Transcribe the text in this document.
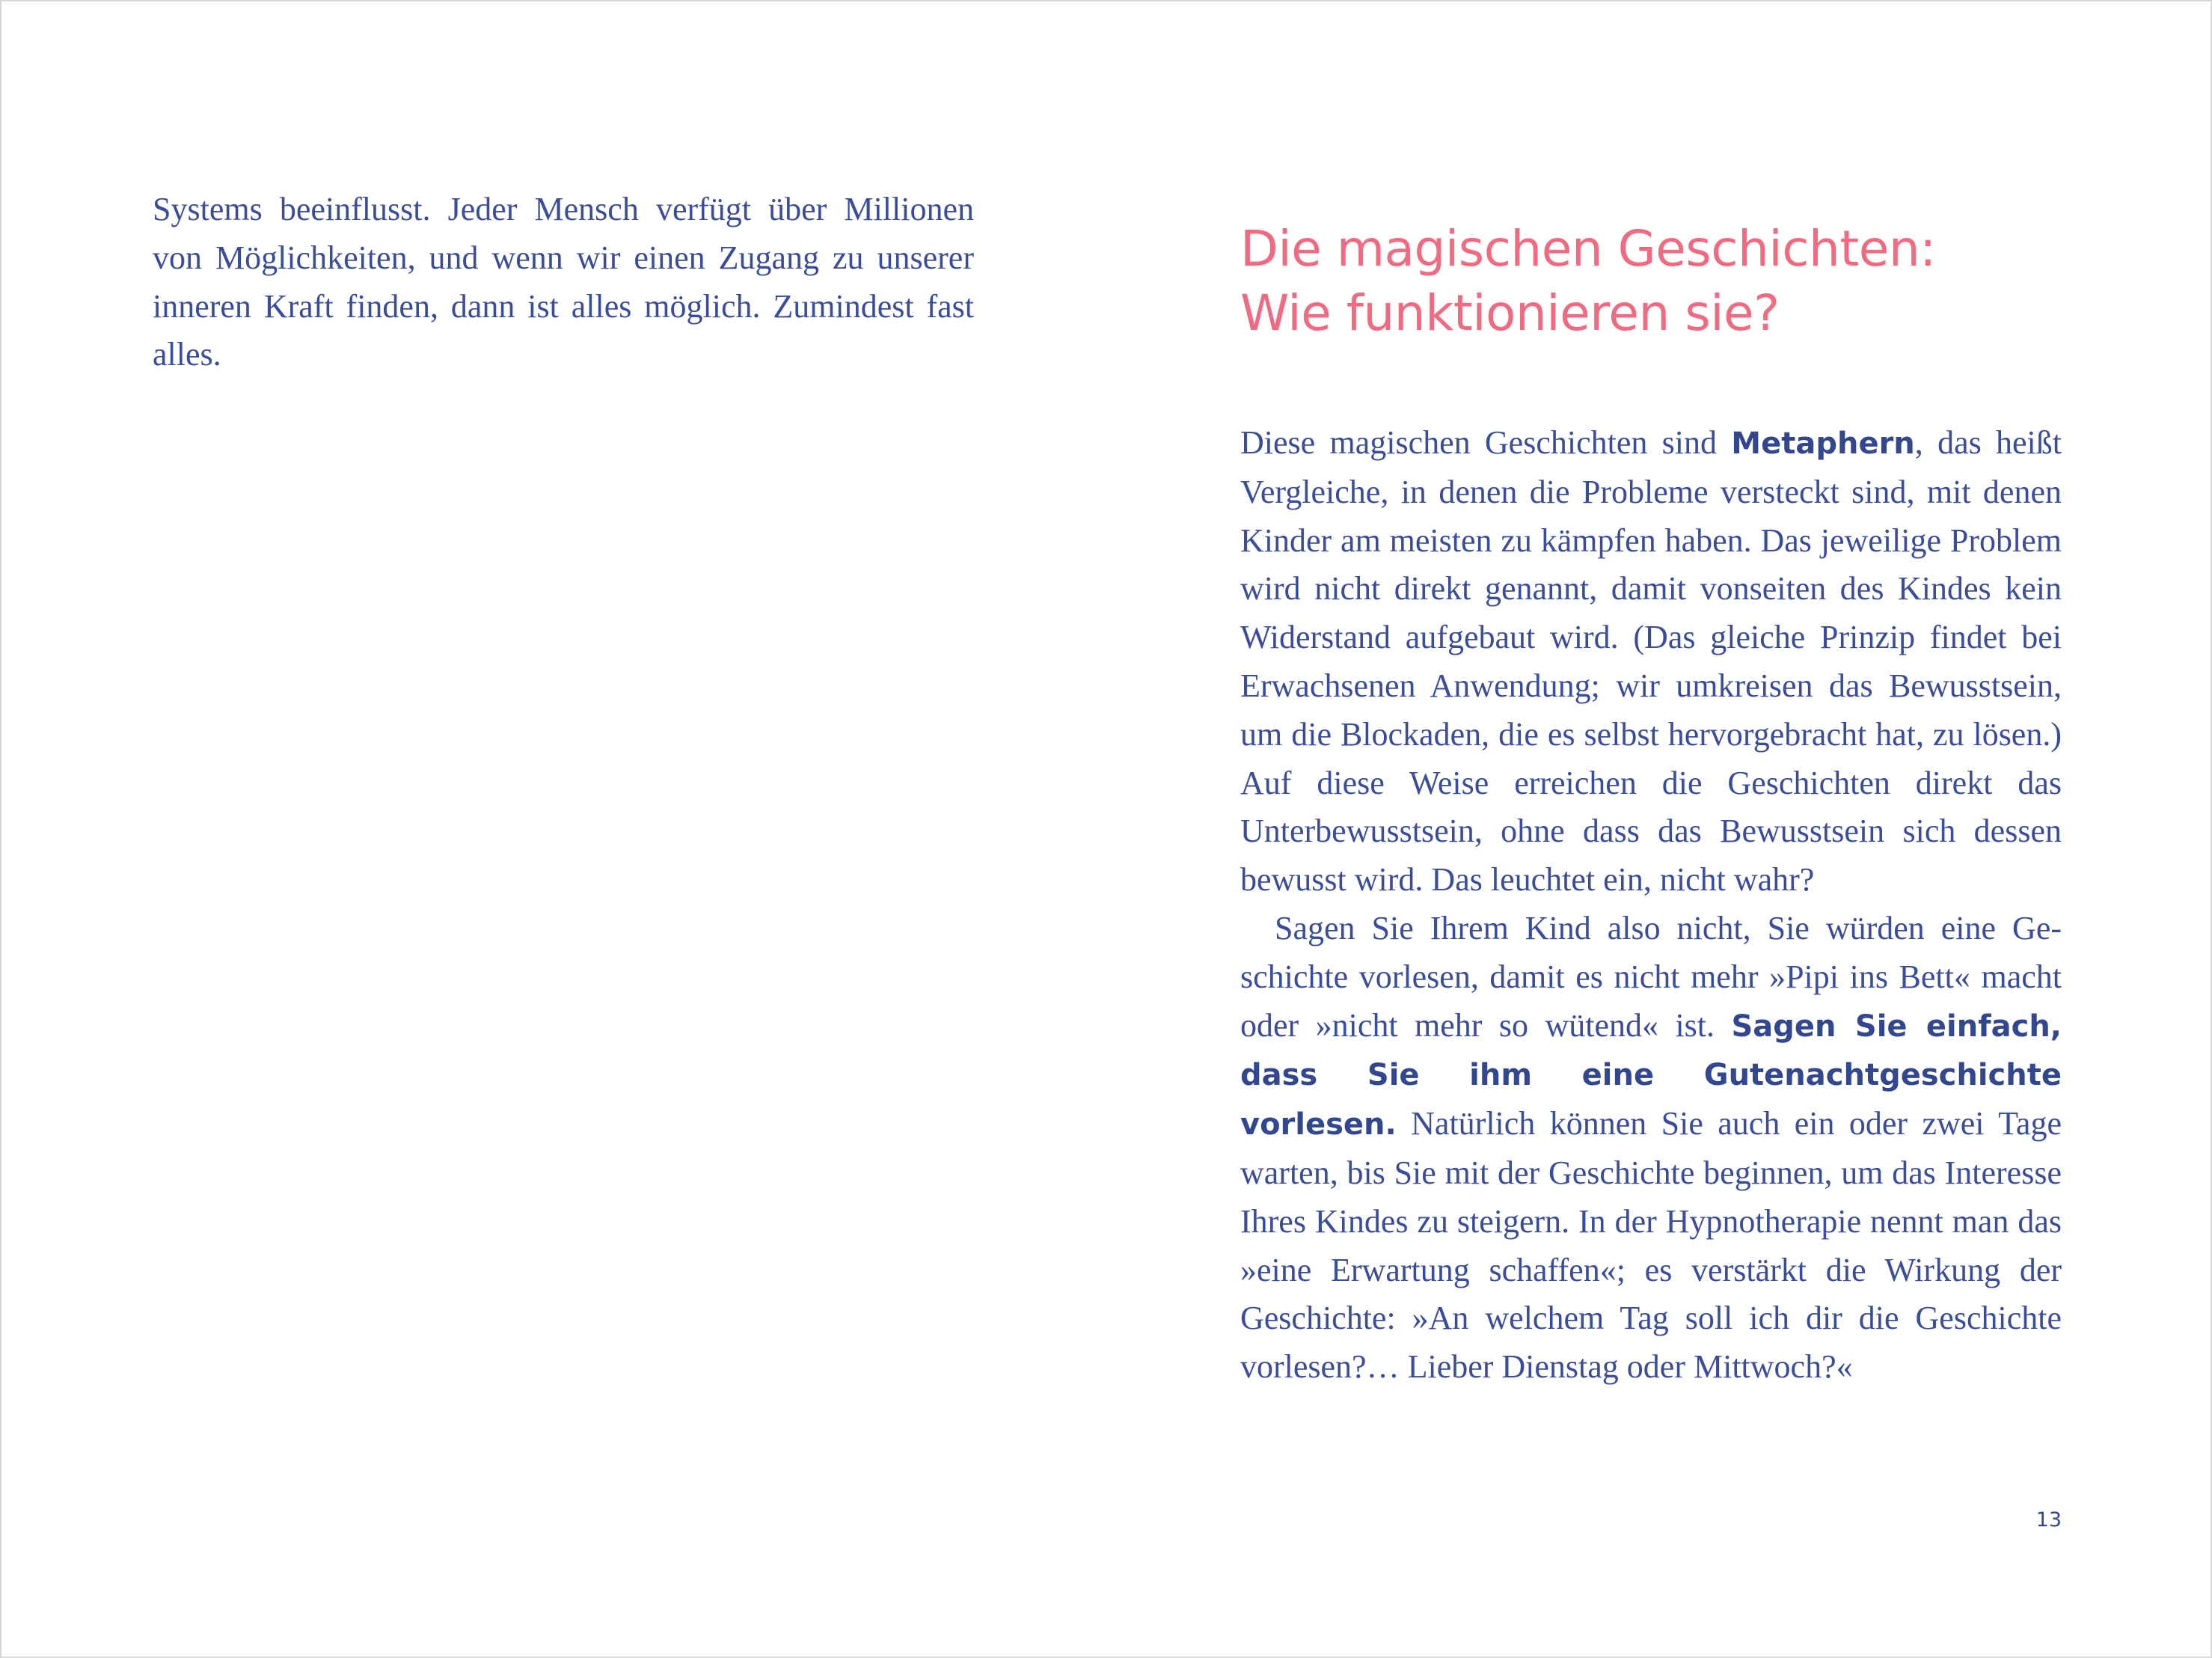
Systems beeinflusst. Jeder Mensch verfügt über Millionen von Möglichkeiten, und wenn wir einen Zugang zu unserer inneren Kraft finden, dann ist alles möglich. Zumindest fast alles.

Die magischen Geschichten:
Wie funktionieren sie?

Diese magischen Geschichten sind Metaphern, das heißt Vergleiche, in denen die Probleme versteckt sind, mit denen Kinder am meisten zu kämpfen haben. Das jeweilige Problem wird nicht direkt genannt, damit vonseiten des Kindes kein Widerstand aufgebaut wird. (Das gleiche Prinzip findet bei Erwachsenen Anwendung; wir umkreisen das Bewusstsein, um die Blockaden, die es selbst hervorgebracht hat, zu lösen.) Auf diese Weise erreichen die Geschichten direkt das Unterbewusstsein, ohne dass das Bewusstsein sich dessen bewusst wird. Das leuchtet ein, nicht wahr?

Sagen Sie Ihrem Kind also nicht, Sie würden eine Geschichte vorlesen, damit es nicht mehr »Pipi ins Bett« macht oder »nicht mehr so wütend« ist. Sagen Sie einfach, dass Sie ihm eine Gutenachtgeschichte vorlesen. Natürlich können Sie auch ein oder zwei Tage warten, bis Sie mit der Geschichte beginnen, um das Interesse Ihres Kindes zu steigern. In der Hypnotherapie nennt man das »eine Erwartung schaffen«; es verstärkt die Wirkung der Geschichte: »An welchem Tag soll ich dir die Geschichte vorlesen?… Lieber Dienstag oder Mittwoch?«

13
